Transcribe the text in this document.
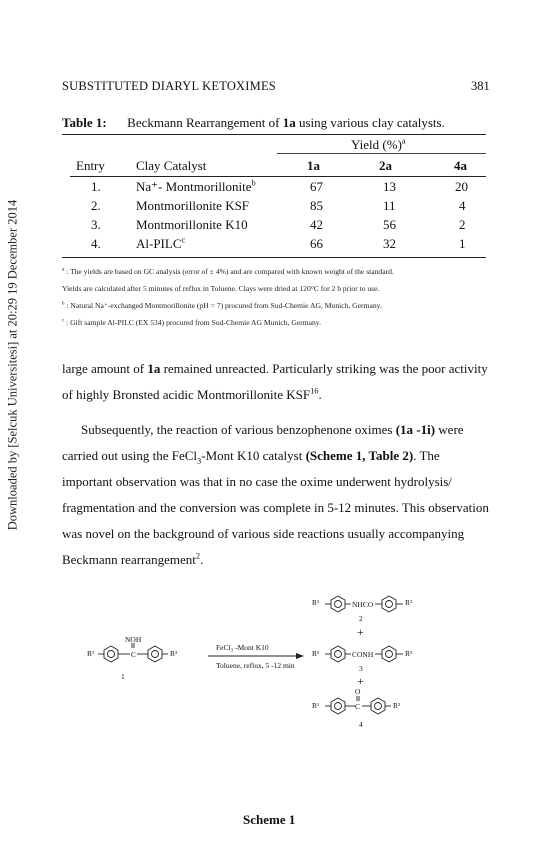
Downloaded by [Selcuk Universitesi] at 20:29 19 December 2014
SUBSTITUTED DIARYL KETOXIMES	381
Table 1: Beckmann Rearrangement of 1a using various clay catalysts.
Yield (%)$^a$
Entry Clay Catalyst	1a	2a	4a
1.	Na⁺- Montmorillonite$^b$	67	13	20
2.	Montmorillonite KSF	85	11	4
3.	Montmorillonite K10	42	56	2
4.	Al-PILC$^c$	66	32	1
$^a$ : The yields are based on GC analysis (error of ± 4%) and are compared with known weight of the standard.
Yields are calculated after 5 minutes of reflux in Toluene. Clays were dried at 120°C for 2 h prior to use.
$^b$ : Natural Na⁺-exchanged Montmorillonite (pH = 7) procured from Sud-Chemie AG, Munich, Germany.
$^c$ : Gift sample Al-PILC (EX 534) procured from Sud-Chemie AG Munich, Germany.
large amount of 1a remained unreacted. Particularly striking was the poor activity
of highly Bronsted acidic Montmorillonite KSF$^{16}$.
Subsequently, the reaction of various benzophenone oximes (1a -1i) were
carried out using the FeCl$_3$-Mont K10 catalyst (Scheme 1, Table 2). The
important observation was that in no case the oxime underwent hydrolysis/
fragmentation and the conversion was complete in 5-12 minutes. This observation
was novel on the background of various side reactions usually accompanying
Beckmann rearrangement$^2$.
R¹	NHCO	R²
2
+
NOH
R¹	C	R²
1
FeCl₃ -Mont K10
Toluene, reflux, 5 -12 min
R¹	CONH	R²
3
+
O
R¹	C	R²
4
Scheme 1
